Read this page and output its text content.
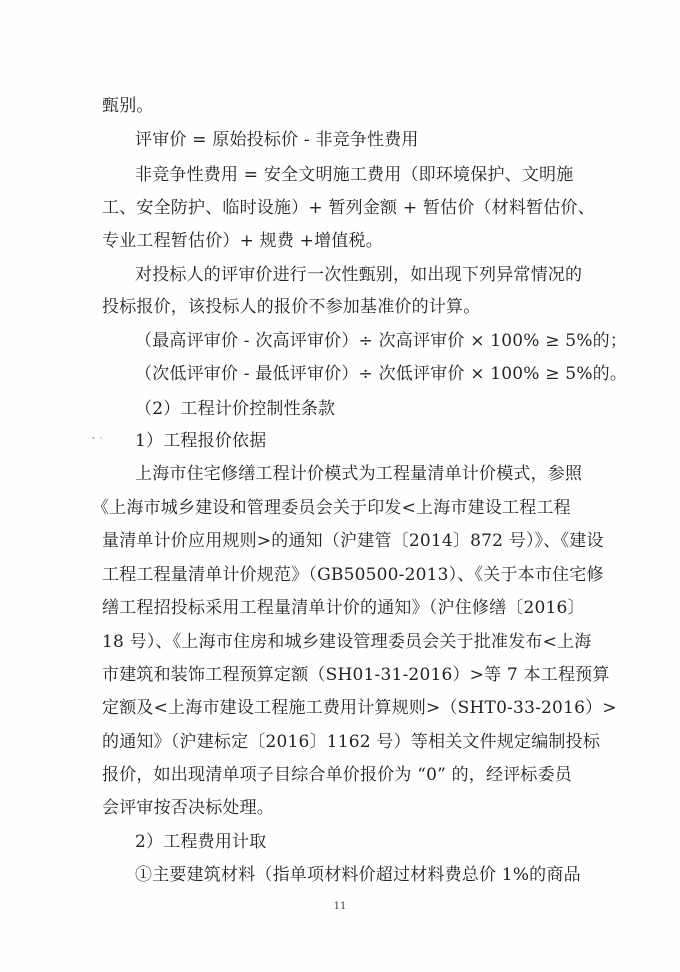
甄别。
评审价 = 原始投标价 - 非竞争性费用
非竞争性费用 = 安全文明施工费用（即环境保护、文明施
工、安全防护、临时设施）+ 暂列金额 + 暂估价（材料暂估价、
专业工程暂估价）+ 规费 +增值税。
对投标人的评审价进行一次性甄别，如出现下列异常情况的
投标报价，该投标人的报价不参加基准价的计算。
（最高评审价 - 次高评审价）÷ 次高评审价 × 100% ≥ 5%的；
（次低评审价 - 最低评审价）÷ 次低评审价 × 100% ≥ 5%的。
（2）工程计价控制性条款
1）工程报价依据
上海市住宅修缮工程计价模式为工程量清单计价模式，参照
《上海市城乡建设和管理委员会关于印发<上海市建设工程工程
量清单计价应用规则>的通知（沪建管〔2014〕872 号）》、《建设
工程工程量清单计价规范》（GB50500-2013）、《关于本市住宅修
缮工程招投标采用工程量清单计价的通知》（沪住修缮〔2016〕
18 号）、《上海市住房和城乡建设管理委员会关于批准发布<上海
市建筑和装饰工程预算定额（SH01-31-2016）>等 7 本工程预算
定额及<上海市建设工程施工费用计算规则>（SHT0-33-2016）>
的通知》（沪建标定〔2016〕1162 号）等相关文件规定编制投标
报价，如出现清单项子目综合单价报价为 “0” 的，经评标委员
会评审按否决标处理。
2）工程费用计取
①主要建筑材料（指单项材料价超过材料费总价 1%的商品
11
